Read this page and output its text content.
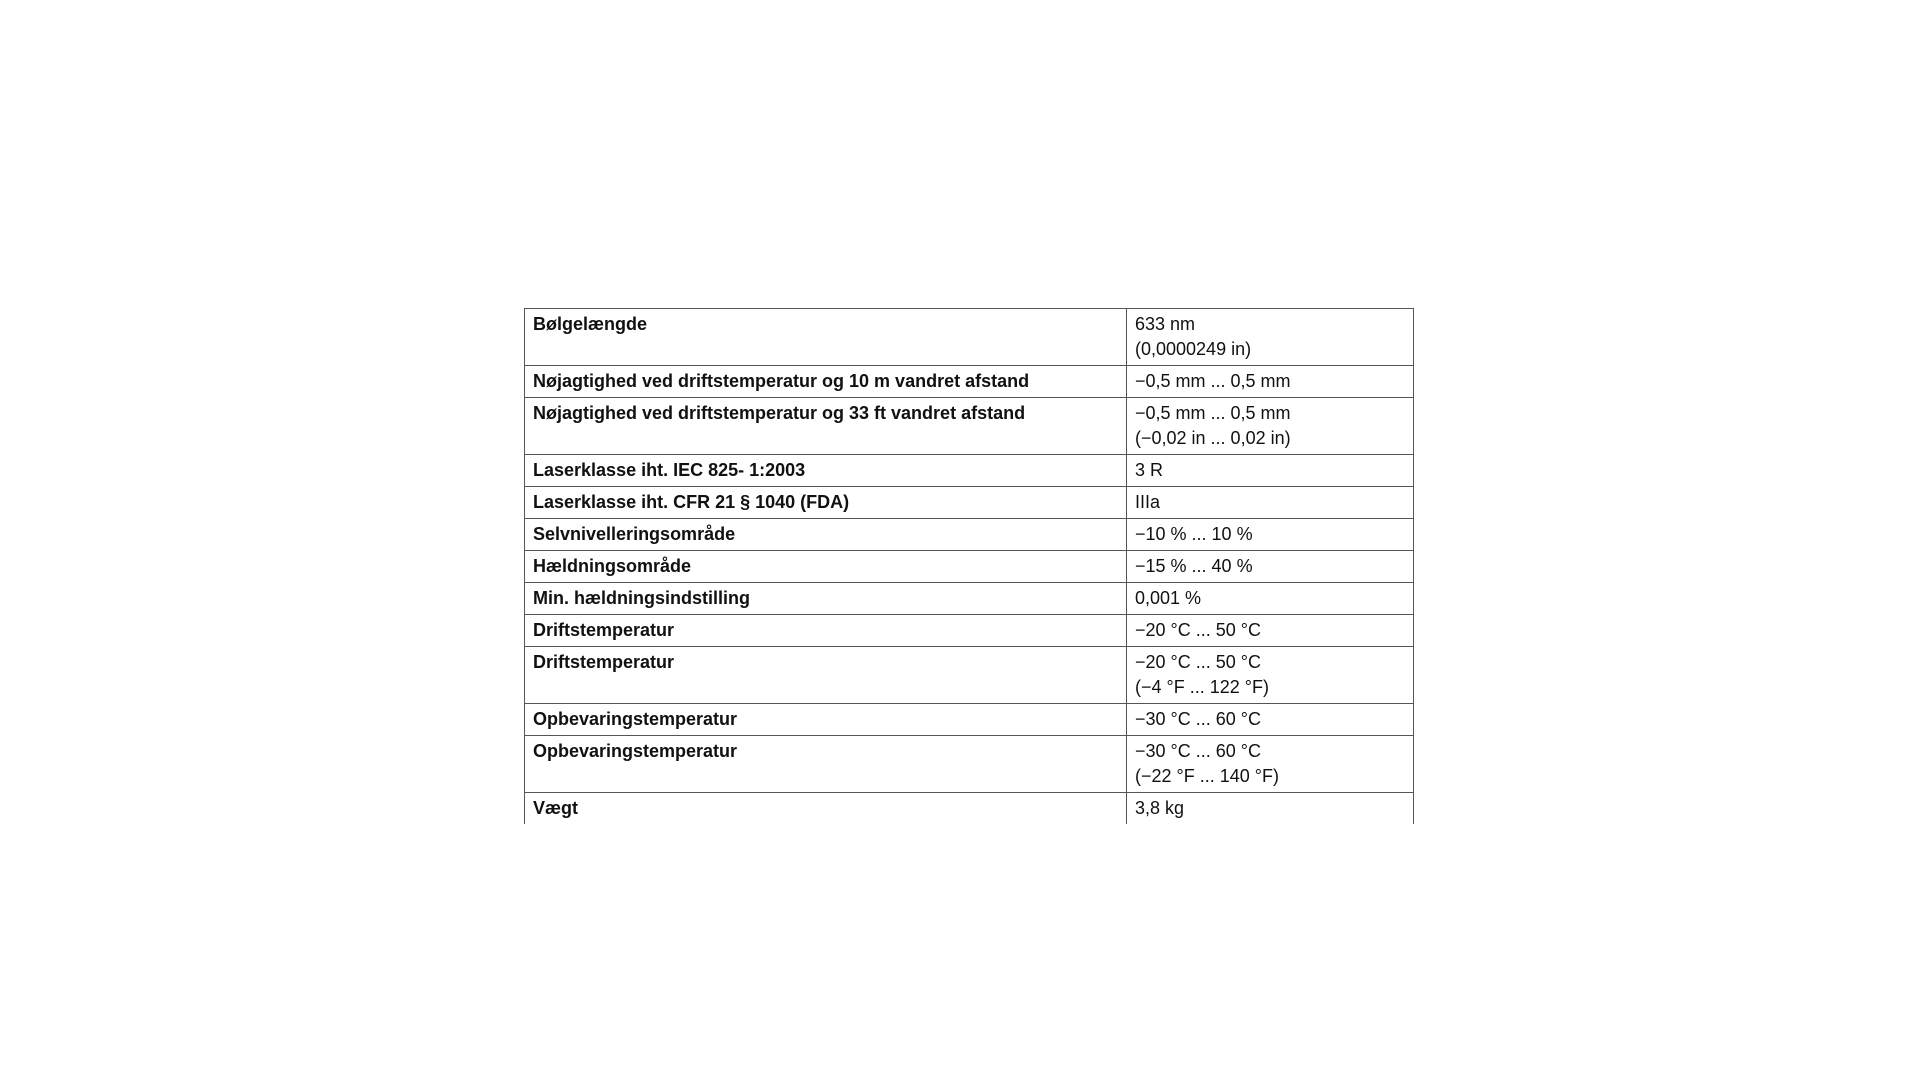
Bølgelængde	633 nm
(0,0000249 in)

Nøjagtighed ved driftstemperatur og 10 m vandret afstand	−0,5 mm ... 0,5 mm

Nøjagtighed ved driftstemperatur og 33 ft vandret afstand	−0,5 mm ... 0,5 mm
(−0,02 in ... 0,02 in)

Laserklasse iht. IEC 825- 1:2003	3 R

Laserklasse iht. CFR 21 § 1040 (FDA)	IIIa

Selvnivelleringsområde	−10 % ... 10 %

Hældningsområde	−15 % ... 40 %

Min. hældningsindstilling	0,001 %

Driftstemperatur	−20 °C ... 50 °C

Driftstemperatur	−20 °C ... 50 °C
(−4 °F ... 122 °F)

Opbevaringstemperatur	−30 °C ... 60 °C

Opbevaringstemperatur	−30 °C ... 60 °C
(−22 °F ... 140 °F)

Vægt	3,8 kg
